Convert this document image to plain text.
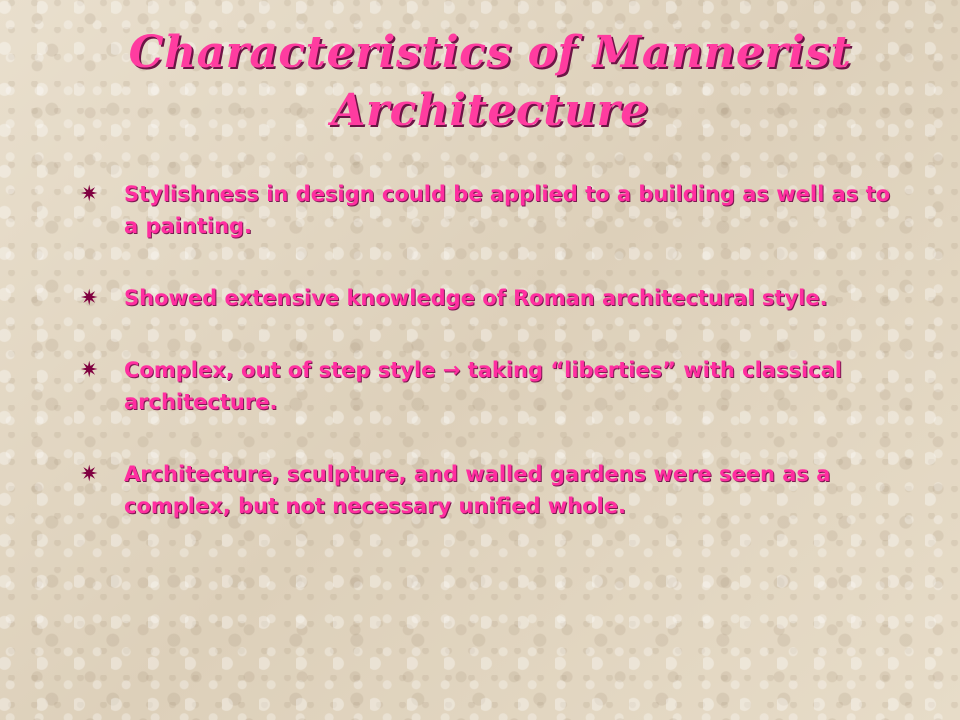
Characteristics of Mannerist Architecture
✷ Stylishness in design could be applied to a building as well as to a painting.
✷ Showed extensive knowledge of Roman architectural style.
✷ Complex, out of step style → taking “liberties” with classical architecture.
✷ Architecture, sculpture, and walled gardens were seen as a complex, but not necessary unified whole.
